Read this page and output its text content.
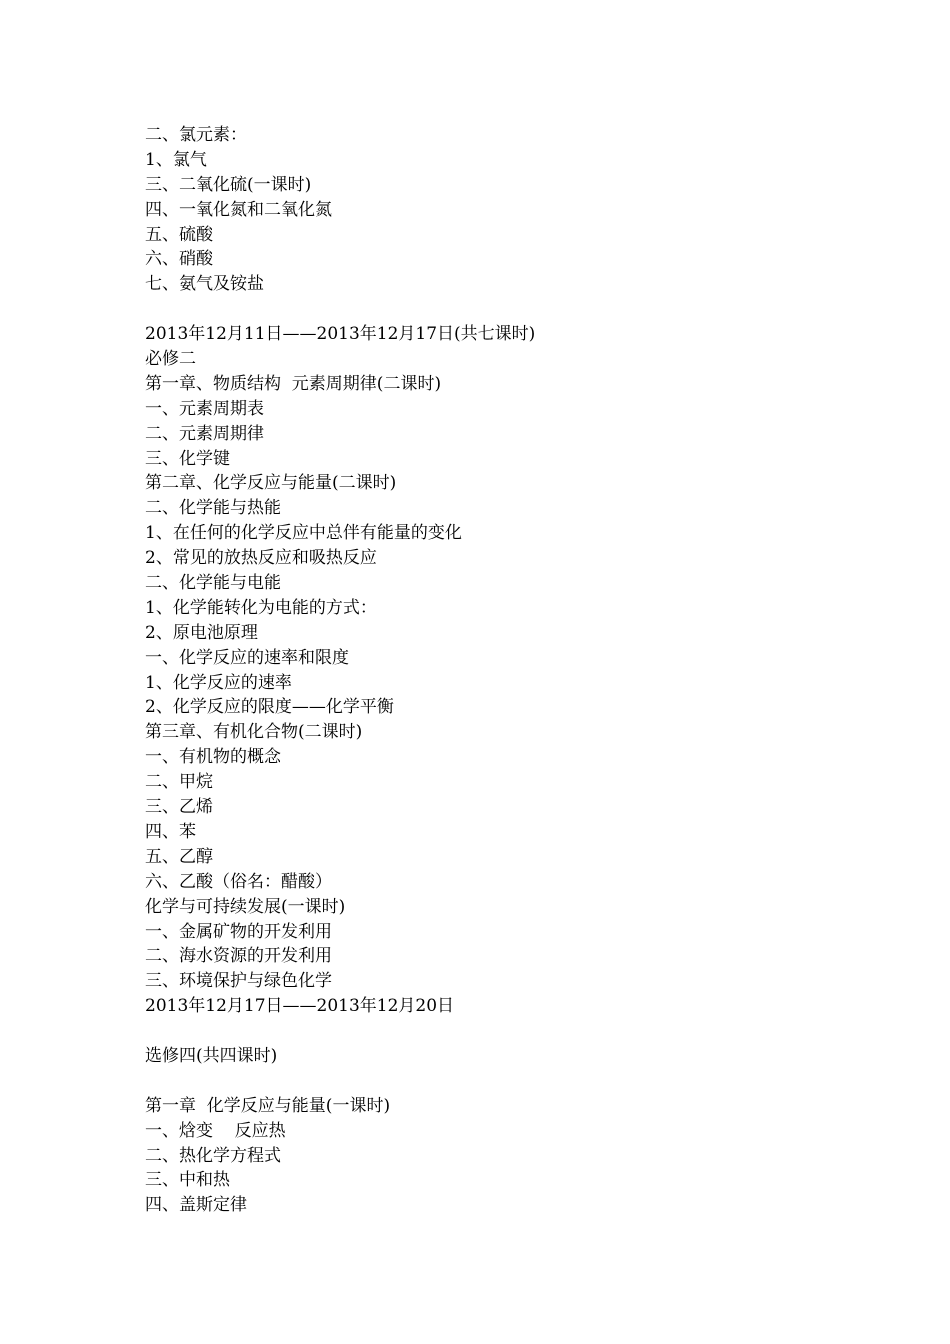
二、氯元素：
1、氯气
三、二氧化硫(一课时)
四、一氧化氮和二氧化氮
五、硫酸
六、硝酸
七、氨气及铵盐
2013年12月11日——2013年12月17日(共七课时)
必修二
第一章、物质结构  元素周期律(二课时)
一、元素周期表
二、元素周期律
三、化学键
第二章、化学反应与能量(二课时)
二、化学能与热能
1、在任何的化学反应中总伴有能量的变化
2、常见的放热反应和吸热反应
二、化学能与电能
1、化学能转化为电能的方式：
2、原电池原理
一、化学反应的速率和限度
1、化学反应的速率
2、化学反应的限度——化学平衡
第三章、有机化合物(二课时)
一、有机物的概念
二、甲烷
三、乙烯
四、苯
五、乙醇
六、乙酸（俗名：醋酸）
化学与可持续发展(一课时)
一、金属矿物的开发利用
二、海水资源的开发利用
三、环境保护与绿色化学
2013年12月17日——2013年12月20日
选修四(共四课时)
第一章  化学反应与能量(一课时)
一、焓变    反应热
二、热化学方程式
三、中和热
四、盖斯定律
